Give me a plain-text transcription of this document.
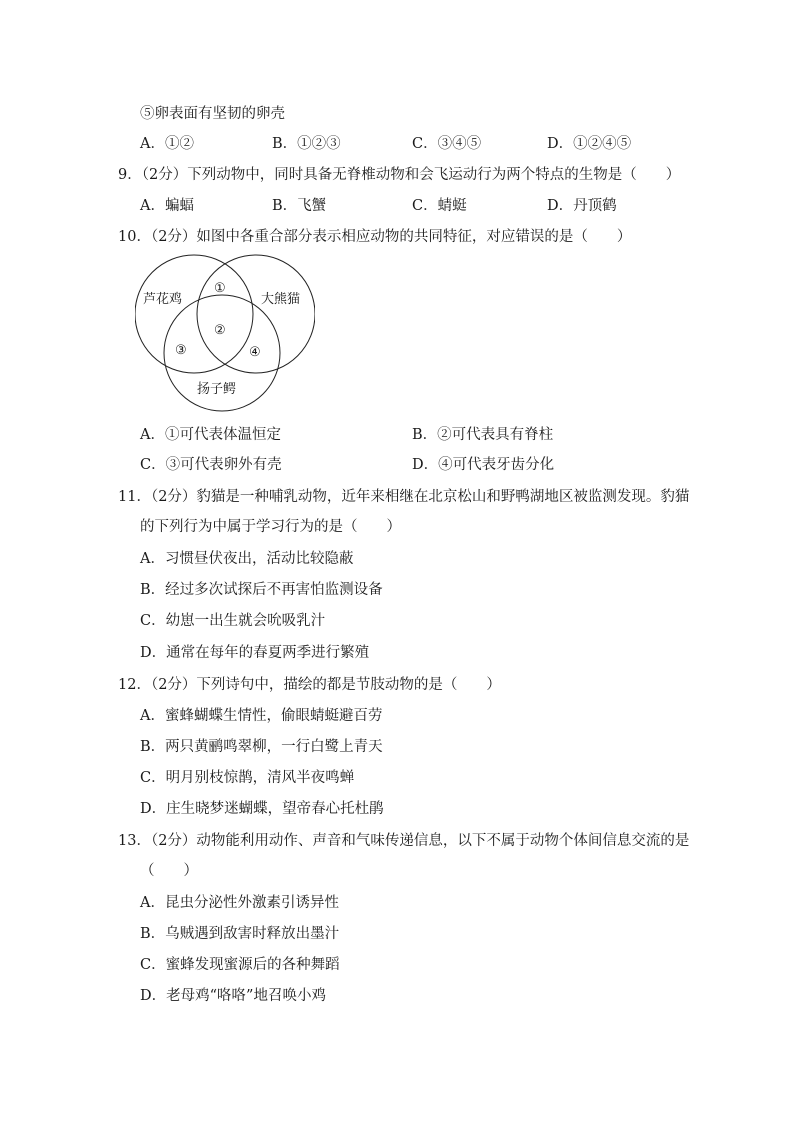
⑤卵表面有坚韧的卵壳
A．①②	B．①②③	C．③④⑤	D．①②④⑤
9．（2分）下列动物中，同时具备无脊椎动物和会飞运动行为两个特点的生物是（　　）
A．蝙蝠	B．飞蟹	C．蜻蜓	D．丹顶鹤
10．（2分）如图中各重合部分表示相应动物的共同特征，对应错误的是（　　）
芦花鸡	大熊猫
扬子鳄
①
②
③	④
A．①可代表体温恒定	B．②可代表具有脊柱
C．③可代表卵外有壳	D．④可代表牙齿分化
11．（2分）豹猫是一种哺乳动物，近年来相继在北京松山和野鸭湖地区被监测发现。豹猫
的下列行为中属于学习行为的是（　　）
A．习惯昼伏夜出，活动比较隐蔽
B．经过多次试探后不再害怕监测设备
C．幼崽一出生就会吮吸乳汁
D．通常在每年的春夏两季进行繁殖
12．（2分）下列诗句中，描绘的都是节肢动物的是（　　）
A．蜜蜂蝴蝶生情性，偷眼蜻蜓避百劳
B．两只黄鹂鸣翠柳，一行白鹭上青天
C．明月别枝惊鹊，清风半夜鸣蝉
D．庄生晓梦迷蝴蝶，望帝春心托杜鹃
13．（2分）动物能利用动作、声音和气味传递信息，以下不属于动物个体间信息交流的是
（　　）
A．昆虫分泌性外激素引诱异性
B．乌贼遇到敌害时释放出墨汁
C．蜜蜂发现蜜源后的各种舞蹈
D．老母鸡“咯咯”地召唤小鸡
